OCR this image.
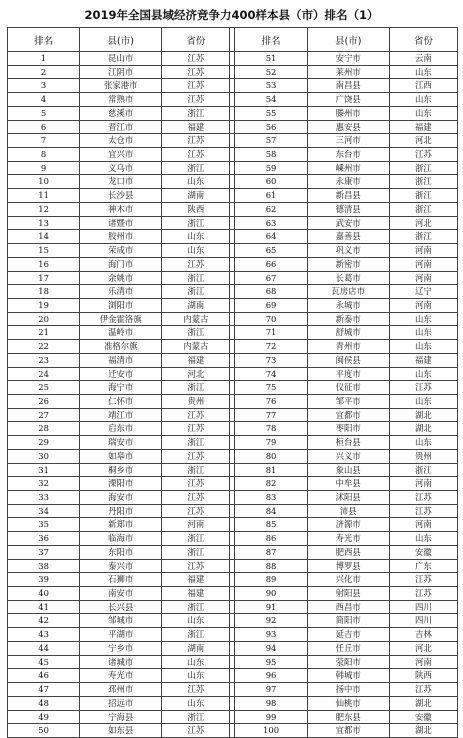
2019年全国县域经济竞争力400样本县（市）排名（1）
排名	县(市)	省份		排名	县(市)	省份
1	昆山市	江苏		51	安宁市	云南
2	江阴市	江苏		52	莱州市	山东
3	张家港市	江苏		53	南昌县	江西
4	常熟市	江苏		54	广饶县	山东
5	慈溪市	浙江		55	滕州市	山东
6	晋江市	福建		56	惠安县	福建
7	太仓市	江苏		57	三河市	河北
8	宜兴市	江苏		58	东台市	江苏
9	义乌市	浙江		59	嵊州市	浙江
10	龙口市	山东		60	永康市	浙江
11	长沙县	湖南		61	新昌县	浙江
12	神木市	陕西		62	德清县	浙江
13	诸暨市	浙江		63	武安市	河北
14	胶州市	山东		64	嘉善县	浙江
15	荣成市	山东		65	巩义市	河南
16	海门市	江苏		66	新密市	河南
17	余姚市	浙江		67	长葛市	河南
18	乐清市	浙江		68	瓦房店市	辽宁
19	浏阳市	湖南		69	永城市	河南
20	伊金霍洛旗	内蒙古		70	新泰市	山东
21	温岭市	浙江		71	舒城市	山东
22	准格尔旗	内蒙古		72	青州市	山东
23	福清市	福建		73	闽侯县	福建
24	迁安市	河北		74	平度市	山东
25	海宁市	浙江		75	仪征市	江苏
26	仁怀市	贵州		76	邹平市	山东
27	靖江市	江苏		77	宜都市	湖北
28	启东市	江苏		78	枣阳市	湖北
29	瑞安市	浙江		79	桓台县	山东
30	如皋市	江苏		80	兴义市	贵州
31	桐乡市	浙江		81	象山县	浙江
32	溧阳市	江苏		82	中牟县	河南
33	海安市	江苏		83	沭阳县	江苏
34	丹阳市	江苏		84	沛县	江苏
35	新郑市	河南		85	济源市	河南
36	临海市	浙江		86	寿光市	山东
37	东阳市	浙江		87	肥西县	安徽
38	泰兴市	江苏		88	博罗县	广东
39	石狮市	福建		89	兴化市	江苏
40	南安市	福建		90	射阳县	江苏
41	长兴县	浙江		91	西昌市	四川
42	邹城市	山东		92	简阳市	四川
43	平湖市	浙江		93	延吉市	吉林
44	宁乡市	湖南		94	任丘市	河北
45	诸城市	山东		95	荥阳市	河南
46	寿光市	山东		96	韩城市	陕西
47	邳州市	江苏		97	扬中市	江苏
48	招远市	山东		98	仙桃市	湖北
49	宁海县	浙江		99	肥东县	安徽
50	如东县	江苏		100	宜都市	湖北
